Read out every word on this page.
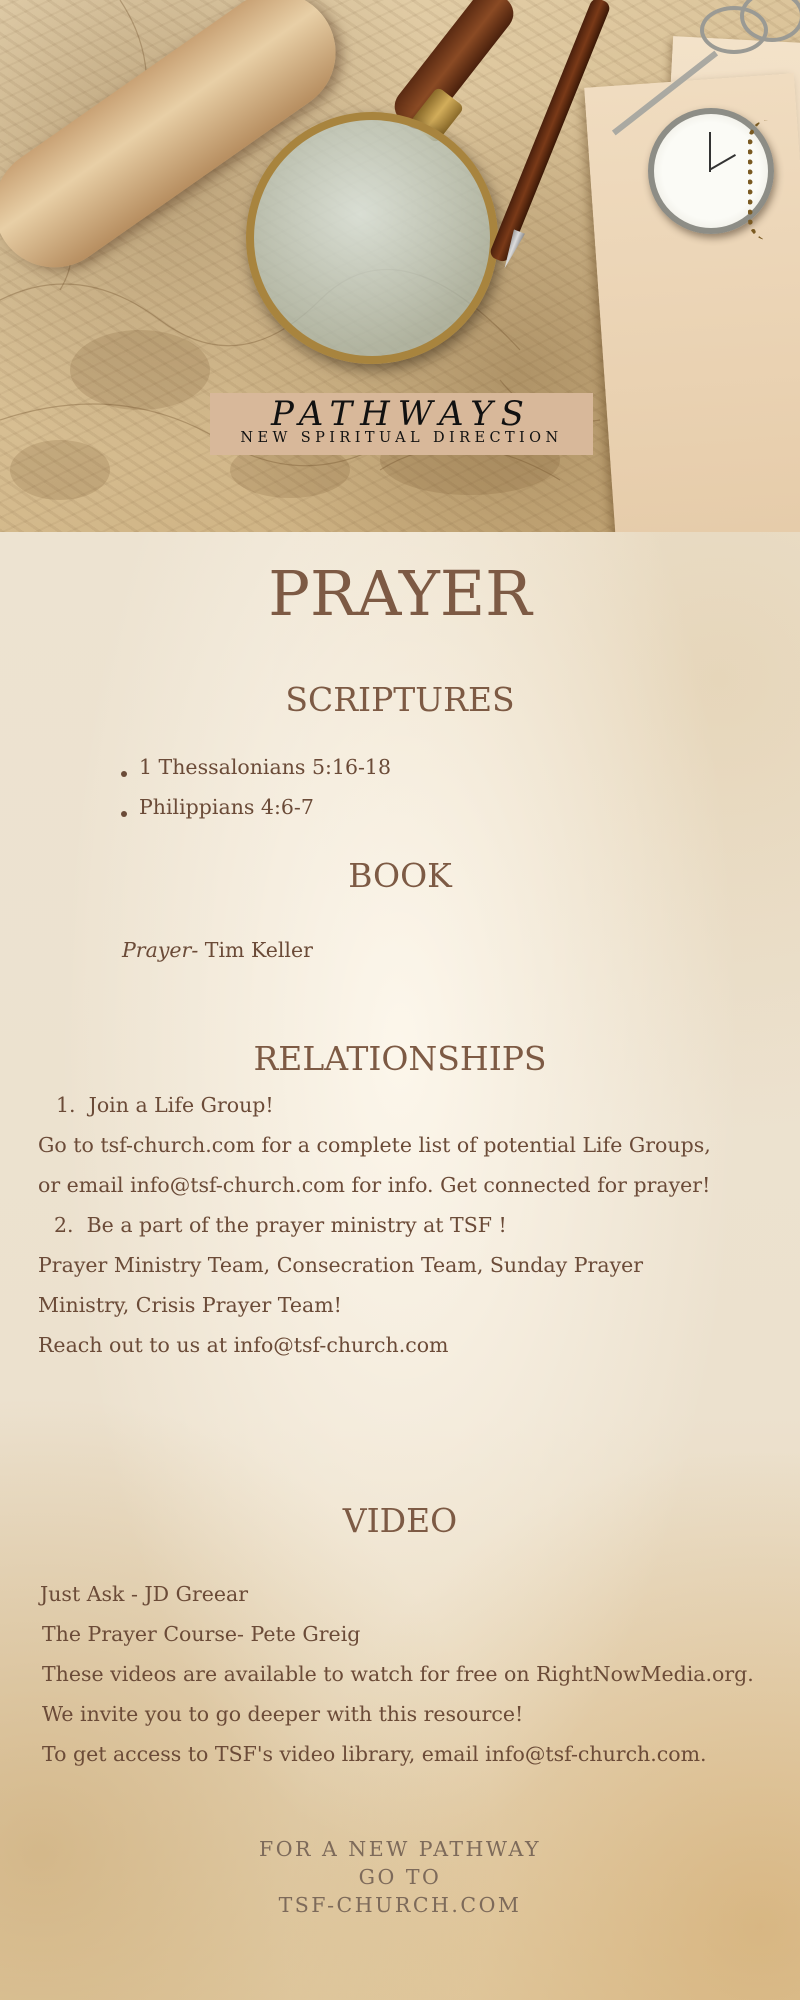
PATHWAYS
NEW SPIRITUAL DIRECTION
PRAYER
SCRIPTURES
1 Thessalonians 5:16-18
Philippians 4:6-7
BOOK
Prayer- Tim Keller
RELATIONSHIPS
1. Join a Life Group!
Go to tsf-church.com for a complete list of potential Life Groups,
or email info@tsf-church.com for info. Get connected for prayer!
2. Be a part of the prayer ministry at TSF !
Prayer Ministry Team, Consecration Team, Sunday Prayer
Ministry, Crisis Prayer Team!
Reach out to us at info@tsf-church.com
VIDEO
Just Ask - JD Greear
The Prayer Course- Pete Greig
These videos are available to watch for free on RightNowMedia.org.
We invite you to go deeper with this resource!
To get access to TSF's video library, email info@tsf-church.com.
FOR A NEW PATHWAY
GO TO
TSF-CHURCH.COM
